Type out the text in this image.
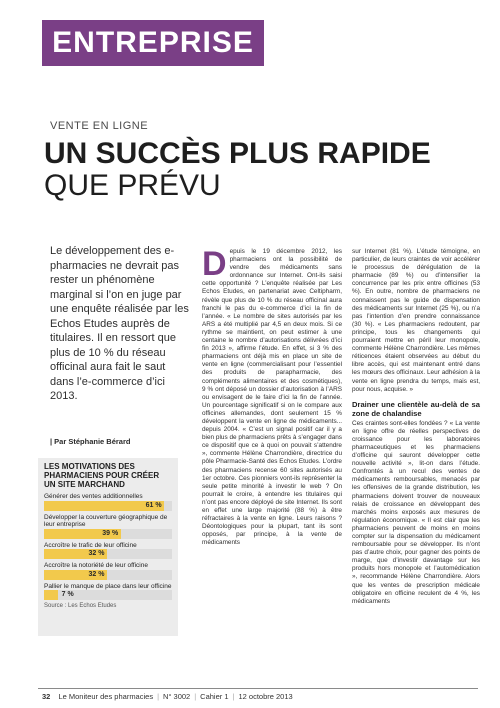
ENTREPRISE
VENTE EN LIGNE
UN SUCCÈS PLUS RAPIDE QUE PRÉVU
Le développement des e-pharmacies ne devrait pas rester un phénomène marginal si l’on en juge par une enquête réalisée par les Echos Etudes auprès de titulaires. Il en ressort que plus de 10 % du réseau officinal aura fait le saut dans l’e-commerce d’ici 2013.
| Par Stéphanie Bérard
LES MOTIVATIONS DES PHARMACIENS POUR CRÉER UN SITE MARCHAND
Générer des ventes additionnelles
61 %
Développer la couverture géographique de leur entreprise
39 %
Accroître le trafic de leur officine
32 %
Accroître la notoriété de leur officine
32 %
Pallier le manque de place dans leur officine
7 %
Source : Les Echos Etudes
D epuis le 19 décembre 2012, les pharmaciens ont la possibilité de vendre des médicaments sans ordonnance sur Internet. Ont-ils saisi cette opportunité ? L’enquête réalisée par Les Echos Etudes, en partenariat avec Celtipharm, révèle que plus de 10 % du réseau officinal aura franchi le pas du e-commerce d’ici la fin de l’année. « Le nombre de sites autorisés par les ARS a été multiplié par 4,5 en deux mois. Si ce rythme se maintient, on peut estimer à une centaine le nombre d’autorisations délivrées d’ici fin 2013 », affirme l’étude. En effet, si 3 % des pharmaciens ont déjà mis en place un site de vente en ligne (commercialisant pour l’essentiel des produits de parapharmacie, des compléments alimentaires et des cosmétiques), 9 % ont déposé un dossier d’autorisation à l’ARS ou envisagent de le faire d’ici la fin de l’année. Un pourcentage significatif si on le compare aux officines allemandes, dont seulement 15 % développent la vente en ligne de médicaments... depuis 2004. « C’est un signal positif car il y a bien plus de pharmaciens prêts à s’engager dans ce dispositif que ce à quoi on pouvait s’attendre », commente Hélène Charrondière, directrice du pôle Pharmacie-Santé des Echos Etudes. L’ordre des pharmaciens recense 60 sites autorisés au 1er octobre. Ces pionniers vont-ils représenter la seule petite minorité à investir le web ? On pourrait le croire, à entendre les titulaires qui n’ont pas encore déployé de site Internet. Ils sont en effet une large majorité (88 %) à être réfractaires à la vente en ligne. Leurs raisons ? Déontologiques pour la plupart, tant ils sont opposés, par principe, à la vente de médicaments
sur Internet (81 %). L’étude témoigne, en particulier, de leurs craintes de voir accélérer le processus de dérégulation de la pharmacie (89 %) ou d’intensifier la concurrence par les prix entre officines (53 %). En outre, nombre de pharmaciens ne connaissent pas le guide de dispensation des médicaments sur Internet (25 %), ou n’a pas l’intention d’en prendre connaissance (30 %). « Les pharmaciens redoutent, par principe, tous les changements qui pourraient mettre en péril leur monopole, commente Hélène Charrondière. Les mêmes réticences étaient observées au début du libre accès, qui est maintenant entré dans les mœurs des officinaux. Leur adhésion à la vente en ligne prendra du temps, mais est, pour nous, acquise. »
Drainer une clientèle au-delà de sa zone de chalandise
Ces craintes sont-elles fondées ? « La vente en ligne offre de réelles perspectives de croissance pour les laboratoires pharmaceutiques et les pharmaciens d’officine qui sauront développer cette nouvelle activité », lit-on dans l’étude. Confrontés à un recul des ventes de médicaments remboursables, menacés par les offensives de la grande distribution, les pharmaciens doivent trouver de nouveaux relais de croissance en développant des marchés moins exposés aux mesures de régulation économique. « Il est clair que les pharmaciens peuvent de moins en moins compter sur la dispensation du médicament remboursable pour se développer. Ils n’ont pas d’autre choix, pour gagner des points de marge, que d’investir davantage sur les produits hors monopole et l’automédication », recommande Hélène Charrondière. Alors que les ventes de prescription médicale obligatoire en officine reculent de 4 %, les médicaments
32 Le Moniteur des pharmacies | N° 3002 | Cahier 1 | 12 octobre 2013
